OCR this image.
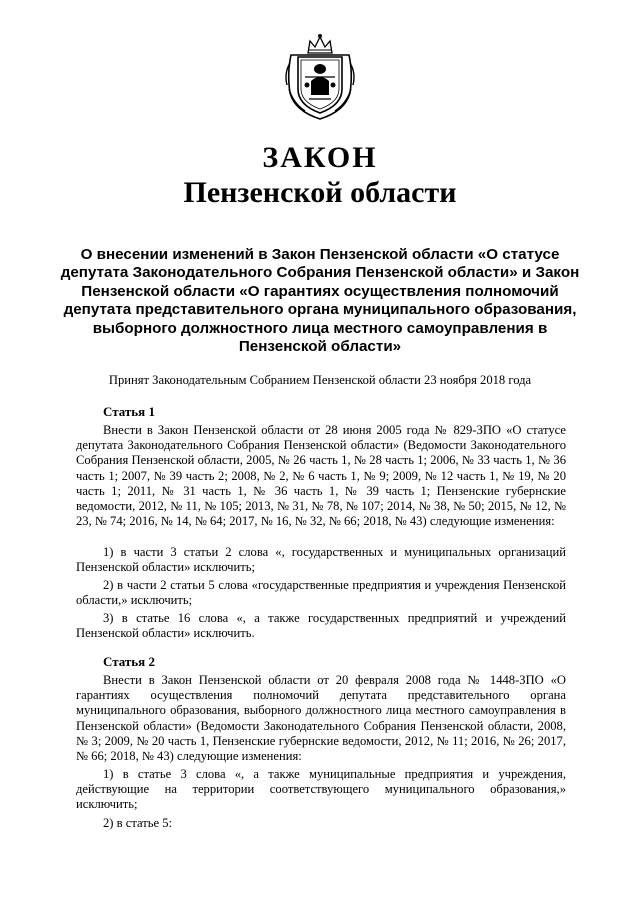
ЗАКОН
Пензенской области
О внесении изменений в Закон Пензенской области «О статусе депутата Законодательного Собрания Пензенской области» и Закон Пензенской области «О гарантиях осуществления полномочий депутата представительного органа муниципального образования, выборного должностного лица местного самоуправления в Пензенской области»
Принят Законодательным Собранием Пензенской области 23 ноября 2018 года
Статья 1
Внести в Закон Пензенской области от 28 июня 2005 года № 829-ЗПО «О статусе депутата Законодательного Собрания Пензенской области» (Ведомости Законодательного Собрания Пензенской области, 2005, № 26 часть 1, № 28 часть 1; 2006, № 33 часть 1, № 36 часть 1; 2007, № 39 часть 2; 2008, № 2, № 6 часть 1, № 9; 2009, № 12 часть 1, № 19, № 20 часть 1; 2011, № 31 часть 1, № 36 часть 1, № 39 часть 1; Пензенские губернские ведомости, 2012, № 11, № 105; 2013, № 31, № 78, № 107; 2014, № 38, № 50; 2015, № 12, № 23, № 74; 2016, № 14, № 64; 2017, № 16, № 32, № 66; 2018, № 43) следующие изменения:
1) в части 3 статьи 2 слова «, государственных и муниципальных организаций Пензенской области» исключить;
2) в части 2 статьи 5 слова «государственные предприятия и учреждения Пензенской области,» исключить;
3) в статье 16 слова «, а также государственных предприятий и учреждений Пензенской области» исключить.
Статья 2
Внести в Закон Пензенской области от 20 февраля 2008 года № 1448-ЗПО «О гарантиях осуществления полномочий депутата представительного органа муниципального образования, выборного должностного лица местного самоуправления в Пензенской области» (Ведомости Законодательного Собрания Пензенской области, 2008, № 3; 2009, № 20 часть 1, Пензенские губернские ведомости, 2012, № 11; 2016, № 26; 2017, № 66; 2018, № 43) следующие изменения:
1) в статье 3 слова «, а также муниципальные предприятия и учреждения, действующие на территории соответствующего муниципального образования,» исключить;
2) в статье 5:
